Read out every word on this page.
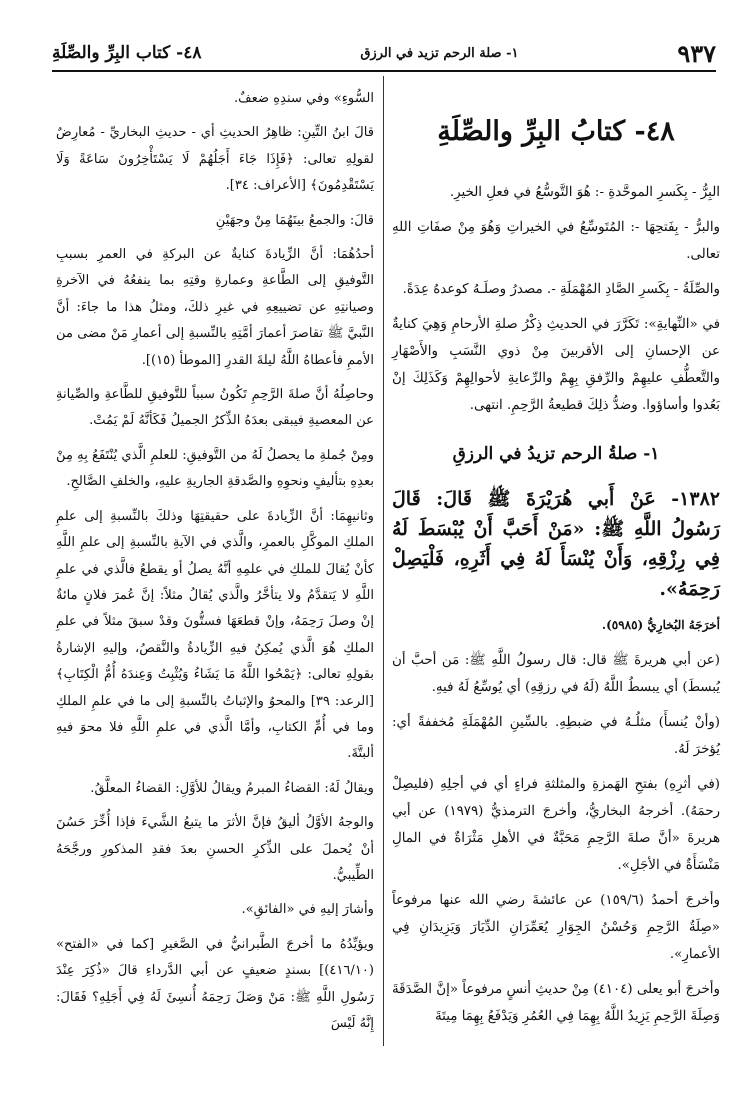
٩٣٧
١- صلة الرحم تزيد في الرزق
٤٨- كتاب البِرِّ والصِّلَةِ

٤٨- كتابُ البِرِّ والصِّلَةِ

البِرُّ - بِكَسرِ الموحَّدةِ -: هُوَ التَّوسُّعُ في فعلِ الخيرِ.

والبرُّ - بِفَتحِهَا -: المُتَوسِّعُ في الخيراتِ وَهُوَ مِنْ صفَاتِ اللهِ تعالى.

والصِّلَةُ - بِكَسرِ الصَّادِ المُهْمَلَةِ -. مصدرُ وصلَـهُ كوعدهُ عِدَةً.

في «النِّهايةِ»: تَكَرَّرَ في الحديثِ ذِكْرُ صلةِ الأرحامِ وَهِيَ كنايةٌ عن الإحسانِ إلى الأقربينَ مِنْ ذوي النَّسَبِ والأَصْهَارِ والتَّعطُّفِ عليهِمْ والرِّفقِ بِهِمْ والرِّعايةِ لأحوالِهِمْ وَكَذَلِكَ إنْ بَعُدوا وأساؤوا. وضدُّ ذلِكَ قطيعةُ الرَّحِمِ. انتهى.

١- صلةُ الرحم تزيدُ في الرزقِ

١٣٨٢- عَنْ أَبي هُرَيْرَةَ ﷺ قَالَ: قَالَ رَسُولُ اللَّهِ ﷺ: «مَنْ أَحَبَّ أَنْ يُبْسَطَ لَهُ فِي رِزْقِهِ، وَأَنْ يُنْسَأَ لَهُ فِي أَثَرِهِ، فَلْيَصِلْ رَحِمَهُ».

أخرَجَهُ البُخارِيُّ (٥٩٨٥).

(عن أبي هريرةَ ﷺ قال: قال رسولُ اللَّهِ ﷺ: مَن أحبَّ أن يُبسطَ) أي يبسطُ اللَّهُ (لَهُ في رزقِهِ) أي يُوسِّعُ لَهُ فيهِ.

(وأنْ يُنسأَ) مثلُـهُ في ضبطِهِ. بالسِّينِ المُهْمَلَةِ مُخففةً أي: يُؤخرَ لَهُ.

(في أثرِهِ) بفتحِ الهَمزةِ والمثلثةِ فراءٍ أي في أجلِهِ (فليصِلْ رحمَهُ). أخرجهُ البخاريُّ، وأخرجَ الترمذيُّ (١٩٧٩) عن أبي هريرةَ «أنَّ صلةَ الرَّحِمِ مَحَبَّةٌ في الأهلِ مَثْرَاةٌ في المالِ مَنْسَأَةٌ في الأجَلِ».

وأخرجَ أحمدُ (١٥٩/٦) عن عائشةَ رضي الله عنها مرفوعاً «صِلَةُ الرَّحِمِ وَحُسْنُ الجِوَارِ يُعَمِّرَانِ الدِّيَارَ وَيَزِيدَانِ فِي الأعمارِ».

وأخرجَ أبو يعلى (٤١٠٤) مِنْ حديثِ أنسٍ مرفوعاً «إنَّ الصَّدَقَةَ وَصِلَةَ الرَّحِمِ يَزِيدُ اللَّهُ بِهِمَا فِي العُمُرِ وَيَدْفَعُ بِهِمَا مِيتَةَ

السُّوءِ» وفي سندِهِ ضعفٌ.

قالَ ابنُ التِّينِ: ظاهِرُ الحديثِ أي - حديثِ البخاريِّ - مُعارِضٌ لقولِهِ تعالى: ﴿فَإِذَا جَاءَ أَجَلُهُمْ لَا يَسْتَأْخِرُونَ سَاعَةً وَلَا يَسْتَقْدِمُونَ﴾ [الأعراف: ٣٤].

قالَ: والجمعُ بينَهُمَا مِنْ وجهَيْنِ

أحدُهُمَا: أنَّ الزِّيادةَ كنايةٌ عن البركةِ في العمرِ بسببِ التَّوفيقِ إلى الطَّاعةِ وعمارةِ وقتِهِ بما ينفعُهُ في الآخرةِ وصيانتِهِ عن تضييعِهِ في غيرِ ذلكَ، ومثلُ هذا ما جاءَ: أنَّ النَّبيَّ ﷺ تقاصرَ أعمارَ أمَّتِهِ بالنِّسبةِ إلى أعمارِ مَنْ مضى من الأممِ فأعطاهُ اللَّهُ ليلةَ القدرِ [الموطأ (١٥)].

وحاصِلُهُ أنَّ صلةَ الرَّحِمِ تَكُونُ سبباً للتَّوفيقِ للطَّاعةِ والصِّيانةِ عن المعصيةِ فيبقى بعدَهُ الذِّكرُ الجميلُ فَكَأنَّهُ لَمْ يَمُتْ.

ومِنْ جُملةِ ما يحصلُ لَهُ من التَّوفيقِ: للعلمِ الَّذي يُنْتَفَعُ بِهِ مِنْ بعدِهِ بتأليفٍ ونحوِهِ والصَّدقةِ الجاريةِ عليهِ، والخلفِ الصَّالحِ.

وثانيهِمَا: أنَّ الزِّيادةَ على حقيقتِهَا وذلكَ بالنِّسبةِ إلى علمِ الملكِ الموكَّلِ بالعمرِ، والَّذي في الآيةِ بالنِّسبةِ إلى علمِ اللَّهِ كأنْ يُقالَ للملكِ في علمِهِ أنَّهُ يصلُ أو يقطعُ فالَّذي في علمِ اللَّهِ لا يَتقدَّمُ ولا يتأخَّرُ والَّذي يُقالُ مثلاً: إنَّ عُمرَ فلانٍ مائةٌ إنْ وصلَ رَحِمَهُ، وإنْ قطعَهَا فستُّونَ وقدْ سبقَ مثلاً في علمِ الملكِ هُوَ الَّذي يُمكِنُ فيهِ الزِّيادةُ والنَّقصُ، وإليهِ الإشارةُ بقولِهِ تعالى: ﴿يَمْحُوا اللَّهُ مَا يَشَاءُ وَيُثْبِتُ وَعِندَهُ أُمُّ الْكِتَابِ﴾ [الرعد: ٣٩] والمحوُ والإثباتُ بالنِّسبةِ إلى ما في علمِ الملكِ وما في أُمِّ الكتابِ، وأمَّا الَّذي في علمِ اللَّهِ فلا محوَ فيهِ ألبتَّةَ.

ويقالُ لَهُ: القضاءُ المبرمُ ويقالُ للأوَّلِ: القضاءُ المعلَّقُ.

والوجهُ الأوَّلُ أليقُ فإنَّ الأثرَ ما يتبعُ الشَّيءَ فإذا أُخِّرَ حَسُنَ أنْ يُحملَ على الذِّكرِ الحسنِ بعدَ فقدِ المذكورِ ورجَّحَهُ الطِّيبيُّ.

وأشارَ إليهِ في «الفائقِ».

ويؤيِّدُهُ ما أخرجَ الطَّبرانيُّ في الصَّغيرِ [كما في «الفتح» (٤١٦/١٠)] بسندٍ ضعيفٍ عن أبي الدَّرداءِ قالَ «ذُكِرَ عِنْدَ رَسُولِ اللَّهِ ﷺ: مَنْ وَصَلَ رَحِمَهُ أُنسِئَ لَهُ فِي أَجَلِهِ؟ فَقَالَ: إِنَّهُ لَيْسَ
